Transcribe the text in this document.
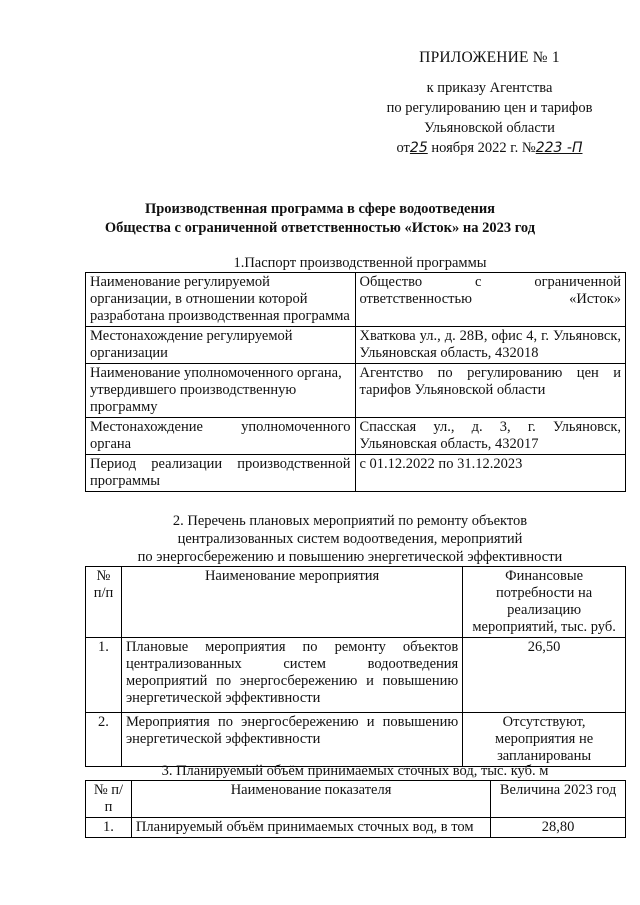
ПРИЛОЖЕНИЕ № 1
к приказу Агентства
по регулированию цен и тарифов
Ульяновской области
от25 ноября 2022 г. №223 -П
Производственная программа в сфере водоотведения
Общества с ограниченной ответственностью «Исток» на 2023 год
1.Паспорт производственной программы
Наименование регулируемой организации, в отношении которой разработана производственная программа	Общество с ограниченной ответственностью «Исток»
Местонахождение регулируемой организации	Хваткова ул., д. 28В, офис 4, г. Ульяновск, Ульяновская область, 432018
Наименование уполномоченного органа, утвердившего производственную программу	Агентство по регулированию цен и тарифов Ульяновской области
Местонахождение уполномоченного органа	Спасская ул., д. 3, г. Ульяновск, Ульяновская область, 432017
Период реализации производственной программы	с 01.12.2022 по 31.12.2023
2. Перечень плановых мероприятий по ремонту объектов
централизованных систем водоотведения, мероприятий
по энергосбережению и повышению энергетической эффективности
№ п/п	Наименование мероприятия	Финансовые потребности на реализацию мероприятий, тыс. руб.
1.	Плановые мероприятия по ремонту объектов централизованных систем водоотведения мероприятий по энергосбережению и повышению энергетической эффективности	26,50
2.	Мероприятия по энергосбережению и повышению энергетической эффективности	Отсутствуют, мероприятия не запланированы
3. Планируемый объём принимаемых сточных вод, тыс. куб. м
№ п/п	Наименование показателя	Величина 2023 год
1.	Планируемый объём принимаемых сточных вод, в том	28,80
